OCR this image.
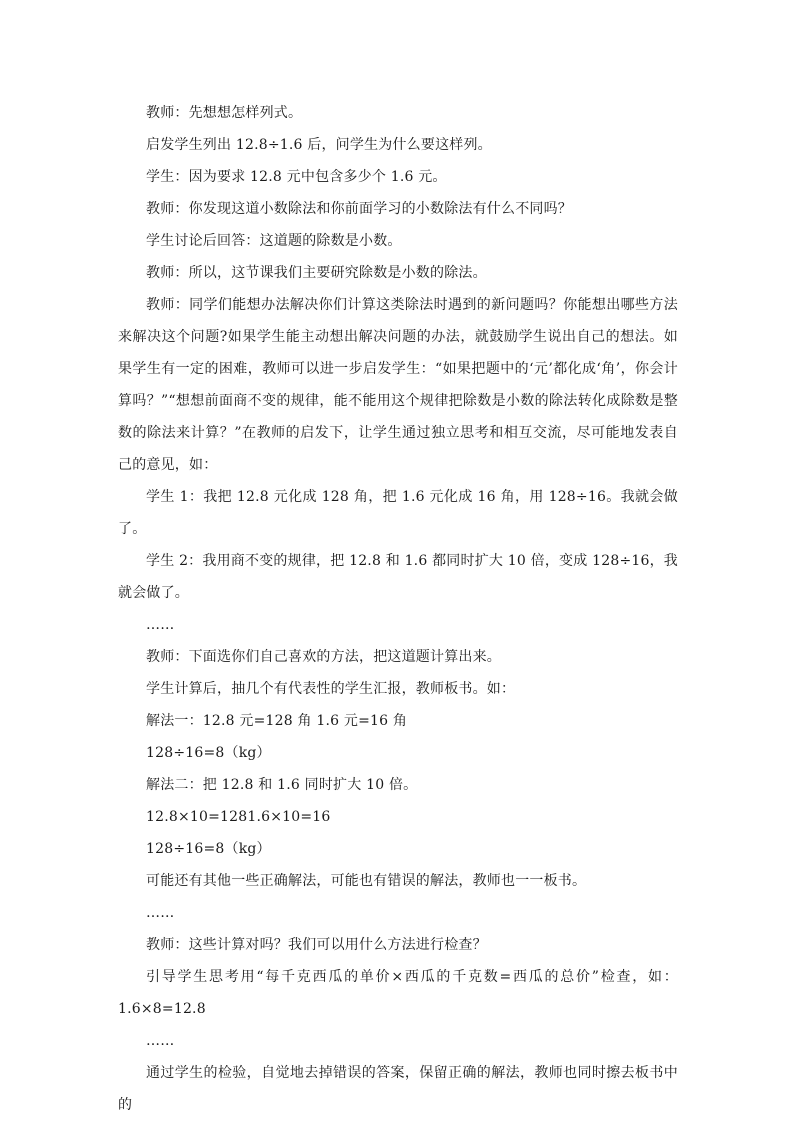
教师：先想想怎样列式。

启发学生列出 12.8÷1.6 后，问学生为什么要这样列。

学生：因为要求 12.8 元中包含多少个 1.6 元。

教师：你发现这道小数除法和你前面学习的小数除法有什么不同吗？

学生讨论后回答：这道题的除数是小数。

教师：所以，这节课我们主要研究除数是小数的除法。

教师：同学们能想办法解决你们计算这类除法时遇到的新问题吗？你能想出哪些方法来解决这个问题?如果学生能主动想出解决问题的办法，就鼓励学生说出自己的想法。如果学生有一定的困难，教师可以进一步启发学生：“如果把题中的‘元’都化成‘角’，你会计算吗？”“想想前面商不变的规律，能不能用这个规律把除数是小数的除法转化成除数是整数的除法来计算？”在教师的启发下，让学生通过独立思考和相互交流，尽可能地发表自己的意见，如：

学生 1：我把 12.8 元化成 128 角，把 1.6 元化成 16 角，用 128÷16。我就会做了。

学生 2：我用商不变的规律，把 12.8 和 1.6 都同时扩大 10 倍，变成 128÷16，我就会做了。

……

教师：下面选你们自己喜欢的方法，把这道题计算出来。

学生计算后，抽几个有代表性的学生汇报，教师板书。如：

解法一：12.8 元=128 角 1.6 元=16 角

128÷16=8（kg）

解法二：把 12.8 和 1.6 同时扩大 10 倍。

12.8×10=1281.6×10=16

128÷16=8（kg）

可能还有其他一些正确解法，可能也有错误的解法，教师也一一板书。

……

教师：这些计算对吗？我们可以用什么方法进行检查？

引导学生思考用“每千克西瓜的单价×西瓜的千克数=西瓜的总价”检查，如：1.6×8=12.8

……

通过学生的检验，自觉地去掉错误的答案，保留正确的解法，教师也同时擦去板书中的
